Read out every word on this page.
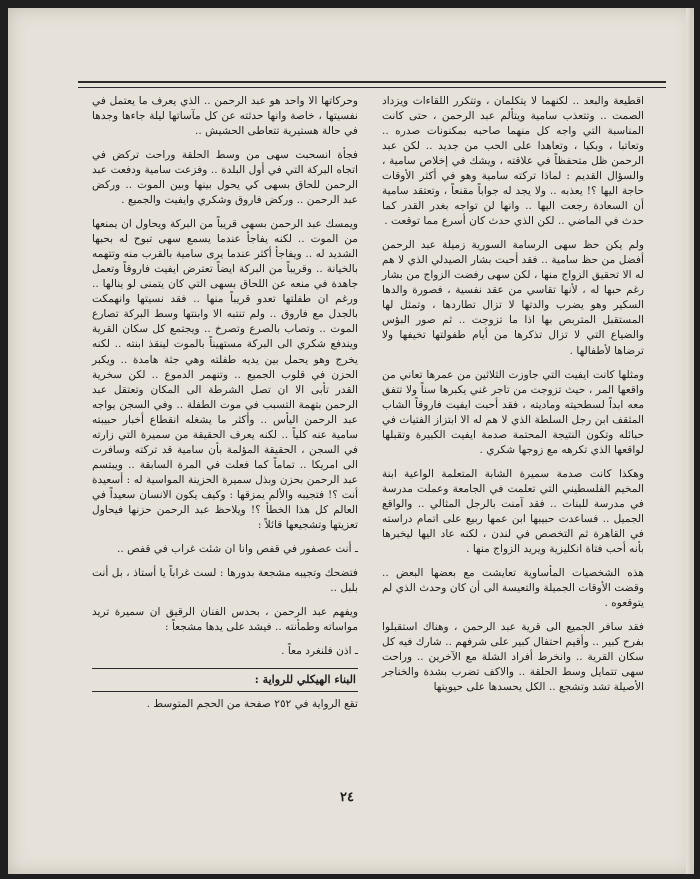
اقطيعة والبعد .. لكنهما لا يتكلمان ، وتتكرر اللقاءات ويزداد الصمت .. وتتعذب سامية ويتألم عبد الرحمن ، حتى كانت المناسبة التي واجه كل منهما صاحبه بمكنونات صدره .. وتعاتبا ، وبكيا ، وتعاهدا على الحب من جديد .. لكن عبد الرحمن ظل متحفظاً في علاقته ، ويشك في إخلاص سامية ، والسؤال القديم : لماذا تركته سامية وهو في أكثر الأوقات حاجة اليها ؟! يعذبه .. ولا يجد له جواباً مقنعاً ، وتعتقد سامية أن السعادة رجعت اليها .. وانها لن تواجه بغدر القدر كما حدث في الماضي .. لكن الذي حدث كان أسرع مما توقعت .

ولم يكن حظ سهى الرسامة السورية زميلة عبد الرحمن أفضل من حظ سامية .. فقد أحبت بشار الصيدلي الذي لا هم له الا تحقيق الزواج منها ، لكن سهى رفضت الزواج من بشار رغم حبها له ، لأنها تقاسي من عقد نفسية ، فصورة والدها السكير وهو يضرب والدتها لا تزال تطاردها ، وتمثل لها المستقبل المتربص بها اذا ما تزوجت .. ثم صور البؤس والضياع التي لا تزال تذكرها من أيام طفولتها تخيفها ولا ترضاها لأطفالها .

ومثلها كانت ايفيت التي جاوزت الثلاثين من عمرها تعاني من واقعها المر ، حيث تزوجت من تاجر غني يكبرها سناً ولا تتفق معه ابداً لسطحيته وماديته ، فقد أحبت ايفيت فاروقاً الشاب المثقف ابن رجل السلطة الذي لا هم له الا ابتزاز الفتيات في حبائله وتكون النتيجة المحتمة صدمة ايفيت الكبيرة وتقبلها لواقعها الذي تكرهه مع زوجها شكري .

وهكذا كانت صدمة سميرة الشابة المتعلمة الواعية ابنة المخيم الفلسطيني التي تعلمت في الجامعة وعملت مدرسة في مدرسة للبنات .. فقد آمنت بالرجل المثالي .. والواقع الجميل .. فساعدت حبيبها ابن عمها ربيع على اتمام دراسته في القاهرة ثم التخصص في لندن ، لكنه عاد اليها ليخبرها بأنه أحب فتاة انكليزية ويريد الزواج منها .

هذه الشخصيات المأساوية تعايشت مع بعضها البعض .. وقضت الأوقات الجميلة والتعيسة الى أن كان وحدث الذي لم يتوقعوه .

فقد سافر الجميع الى قرية عبد الرحمن ، وهناك استقبلوا بفرح كبير .. وأقيم احتفال كبير على شرفهم .. شارك فيه كل سكان القرية .. وانخرط أفراد الشلة مع الآخرين .. وراحت سهى تتمايل وسط الحلقة .. والاكف تضرب بشدة والخناجر الأصيلة تشد وتشجع .. الكل يحسدها على حيويتها

وحركاتها الا واحد هو عبد الرحمن .. الذي يعرف ما يعتمل في نفسيتها ، خاصة وانها حدثته عن كل مآساتها ليلة جاءها وجدها في حالة هستيرية تتعاطى الحشيش ..

فجأة انسحبت سهى من وسط الحلقة وراحت تركض في اتجاه البركة التي في أول البلدة .. وفزعت سامية ودفعت عبد الرحمن للحاق بسهى كي يحول بينها وبين الموت .. وركض عبد الرحمن .. وركض فاروق وشكري وايفيت والجميع .

ويمسك عبد الرحمن بسهى قريباً من البركة ويحاول ان يمنعها من الموت .. لكنه يفاجأ عندما يسمع سهى تبوح له بحبها الشديد له .. ويفاجأ أكثر عندما يرى سامية بالقرب منه وتتهمه بالخيانة .. وقريباً من البركة ايضاً تعترض ايفيت فاروقاً وتعمل جاهدة في منعه عن اللحاق بسهى التي كان يتمنى لو ينالها .. ورغم ان طفلتها تعدو قريباً منها .. فقد نسيتها وانهمكت بالجدل مع فاروق .. ولم تنتبه الا وابنتها وسط البركة تصارع الموت .. وتصاب بالصرع وتصرخ .. ويجتمع كل سكان القرية ويندفع شكري الى البركة مستهيناً بالموت لينقذ ابنته .. لكنه يخرج وهو يحمل بين يديه طفلته وهي جثة هامدة .. ويكبر الحزن في قلوب الجميع .. وتنهمر الدموع .. لكن سخرية القدر تأبى الا ان تصل الشرطة الى المكان وتعتقل عبد الرحمن بتهمة التسبب في موت الطفلة .. وفي السجن يواجه عبد الرحمن اليأس .. وأكثر ما يشغله انقطاع أخبار حبيبته سامية عنه كلياً .. لكنه يعرف الحقيقة من سميرة التي زارته في السجن ، الحقيقة المؤلمة بأن سامية قد تركته وسافرت الى امريكا .. تماماً كما فعلت في المرة السابقة .. ويبتسم عبد الرحمن بحزن وبذل سميرة الحزينة المواسية له : أسعيدة أنت ؟! فتجيبه والألم يمزقها : وكيف يكون الانسان سعيداً في العالم كل هذا الخطأ ؟! ويلاحظ عبد الرحمن حزنها فيحاول تعزيتها وتشجيعها قائلاً :

ـ أنت عصفور في قفص وانا ان شئت غراب في قفص ..

فتضحك وتجيبه مشجعة بدورها : لست غراباً يا أستاذ ، بل أنت بلبل ..

ويفهم عبد الرحمن ، بحدس الفنان الرقيق ان سميرة تريد مواساته وطمأنته .. فيشد على يدها مشجعاً :

ـ اذن فلنغرد معاً .

البناء الهيكلي للرواية :

تقع الرواية في ٢٥٢ صفحة من الحجم المتوسط .

٢٤
